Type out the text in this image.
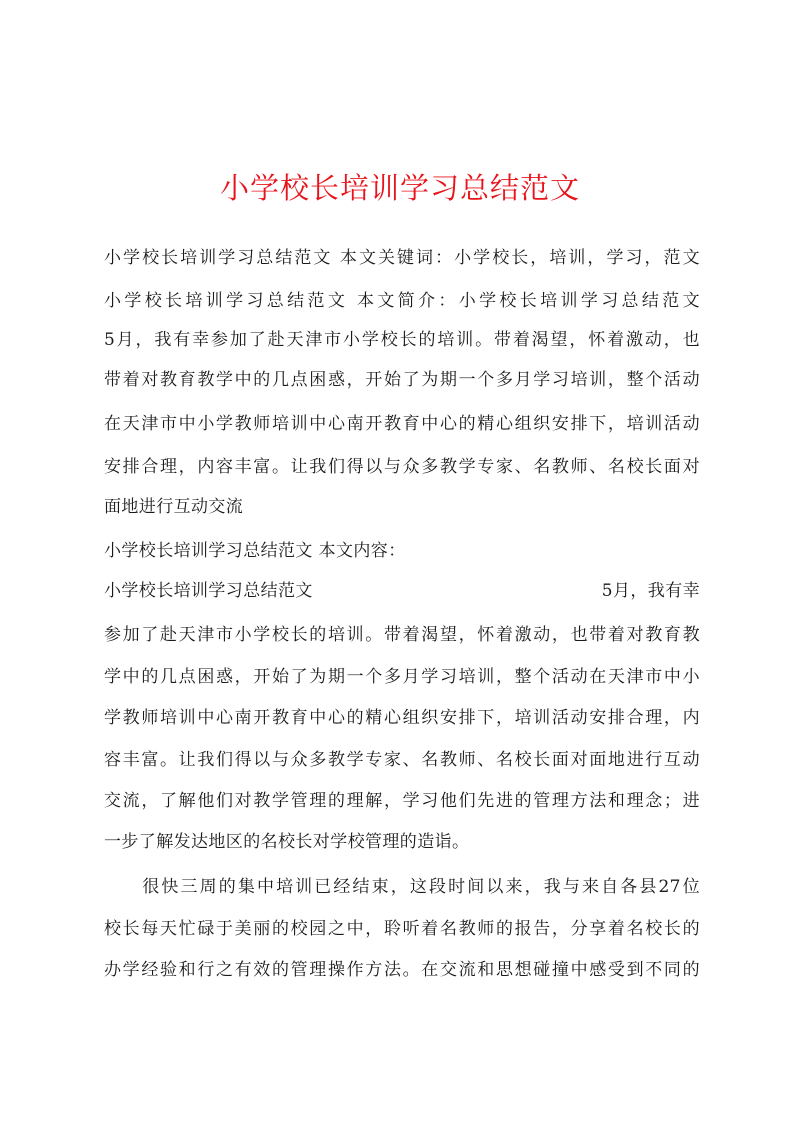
小学校长培训学习总结范文
小学校长培训学习总结范文 本文关键词：小学校长，培训，学习，范文
小学校长培训学习总结范文 本文简介：小学校长培训学习总结范文
5月，我有幸参加了赴天津市小学校长的培训。带着渴望，怀着激动，也
带着对教育教学中的几点困惑，开始了为期一个多月学习培训，整个活动
在天津市中小学教师培训中心南开教育中心的精心组织安排下，培训活动
安排合理，内容丰富。让我们得以与众多教学专家、名教师、名校长面对
面地进行互动交流
小学校长培训学习总结范文 本文内容：
小学校长培训学习总结范文	5月，我有幸
参加了赴天津市小学校长的培训。带着渴望，怀着激动，也带着对教育教
学中的几点困惑，开始了为期一个多月学习培训，整个活动在天津市中小
学教师培训中心南开教育中心的精心组织安排下，培训活动安排合理，内
容丰富。让我们得以与众多教学专家、名教师、名校长面对面地进行互动
交流，了解他们对教学管理的理解，学习他们先进的管理方法和理念；进
一步了解发达地区的名校长对学校管理的造诣。
　　很快三周的集中培训已经结束，这段时间以来，我与来自各县27位
校长每天忙碌于美丽的校园之中，聆听着名教师的报告，分享着名校长的
办学经验和行之有效的管理操作方法。在交流和思想碰撞中感受到不同的
